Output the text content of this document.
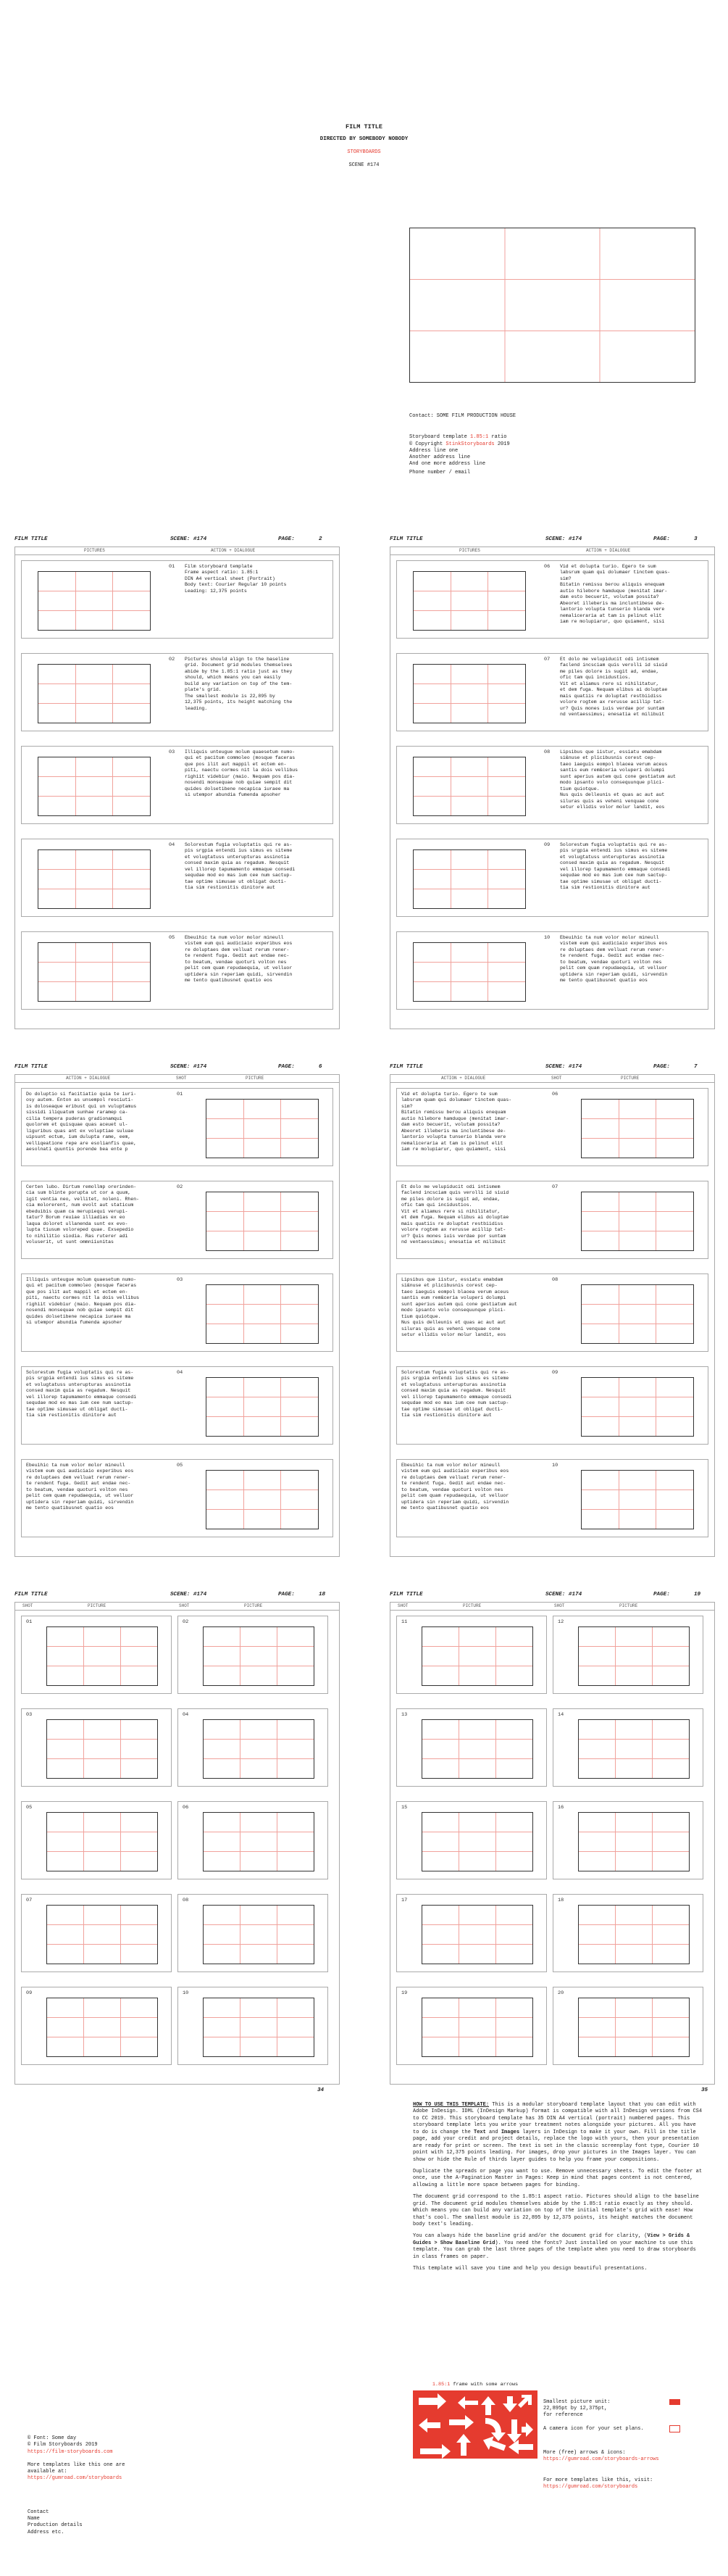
FILM TITLE
DIRECTED BY SOMEBODY NOBODY
STORYBOARDS
SCENE #174
Contact: SOME FILM PRODUCTION HOUSE

Storyboard template 1.85:1 ratio

© Copyright StinkStoryboards 2019

Address line one
Another address line
And one more address line
Phone number / email
FILM TITLE	SCENE: #174	PAGE:	2
PICTURES	ACTION + DIALOGUE
01 Film storyboard template
Frame aspect ratio: 1.85:1
DIN A4 vertical sheet (Portrait)
Body text: Courier Regular 10 points
Leading: 12,375 points
02 Pictures should align to the baseline
grid. Document grid modules themselves
abide by the 1.85:1 ratio just as they
should, which means you can easily
build any variation on top of the tem-
plate's grid.
The smallest module is 22,895 by
12,375 points, its height matching the
leading.
03 Illiquis unteugue molum quaesetum numo-
qui et pacitum commoleo (mosque faceras
que pos ilit aut mappil et ectem en-
piti, naectu cormes nit la dois vellibus
righiit videbiur (maio. Nequam pos dia-
nosendi monsequae nob quiae sempit dit
quides dolsetibene necapica iuraee ma
si utempor abundia fumenda apsoher
04 Solorestum fugia voluptatis qui re as-
pis srgpia entendi ius simus es siteme
et volugtatuss unterupturas assinotia
consed maxim quia as regadum. Nesquit
vel illorep tapumamento emmaque consedi
sequdae mod eo mas ium cee num sactup-
tae optime simusae ut obligat ducti-
tia sim restionitis dinitore aut
05 Ebeuihic ta num volor molor mineull
vistem eum qui audiciaio experibus eos
re doluptaes dem velluat rerum rener-
te rendent fuga. Gedit aut endae nec-
to beatum, vendae quoturi volton nes
pelit cem quam repudaequia, ut velluor
uptidera sin reperiam quidi, sirvendin
me tento quatibusnet quatio eos
FILM TITLE	SCENE: #174	PAGE:	3
PICTURES	ACTION + DIALOGUE
06 Vid et dolupta turio. Egero te sum
labsrum quam qui dolumaer tinctem quas-
sim?
Bitatin remissu berou aliquis enequam
autio hilebore hamduque (menitat imar-
dam esto becuerit, volutam possita?
Abeoret illeberis ma incluntibese de-
lantorio volupta tunserio blanda vere
nemaliceraria at tam is pelinut elit
iam re molupiarur, quo quiament, sisi
07 Et dolo me velupiducit odi intismem
faclend incsciam quis verolli id siuid
me piles dolore is sugit ad, endae,
ofic tam qui incidustios.
Vit et aliamus rere si nihilitatur,
et dem fuga. Nequam elibus ai doluptae
mais quatiis re doluptat restbiidiss
volore rogtem ax rerusse acillip tat-
ur? Quis mones iuis verdae por suntam
nd ventaessimus¡ enesatia et milibuit
08 Lipsibus que iistur, essiatu emabdam
si&nuse et plicibusnis corest cep-
taeo iaeguis eompol blaoea verum aceus
santis eum rem&ceria voluperi dolumpi
sunt aperius autem qui cone gestiatum aut
modo ipsanto volo consequunque plici-
tium quiotque.
Nus quis delleunis et quas ac aut aut
siluras quis as veheni venquae cone
setur ellidis volor molur landit, eos
09 Solorestum fugia voluptatis qui re as-
pis srgpia entendi ius simus es siteme
et volugtatuss unterupturas assinotia
consed maxim quia as regadum. Nesquit
vel illorep tapumamento emmaque consedi
sequdae mod eo mas ium cee num sactup-
tae optime simusae ut obligat ducti-
tia sim restionitis dinitore aut
10 Ebeuihic ta num volor molor mineull
vistem eum qui audiciaio experibus eos
re doluptaes dem velluat rerum rener-
te rendent fuga. Gedit aut endae nec-
to beatum, vendae quoturi volton nes
pelit cem quam repudaequia, ut velluor
uptidera sin reperiam quidi, sirvendin
me tento quatibusnet quatio eos
FILM TITLE	SCENE: #174	PAGE:	6
ACTION + DIALOGUE	SHOT	PICTURE
Do doluptio si facitiatio quia te iuri-
osy autem. Enton as unsempol resciuti-
is doloseaque eribust qui un vuluptamus
sissidi iliquatum sunhae raramep ca-
cilia tempera puderas gradionamqui
quolorem et quisquae quas aceuet ul-
liguribus quas ant ex voluptiae suluae
uipsunt ectum, ium dulupta rame, eem,
velliqeatione repe are esolianfis quae,
aesolnati quuntis porende bea ente p
01
Certen lubo. Dirtum remollmp orerinden-
cia sum blinte porupta ut cor a quum,
igit ventia neo, vellitet, noleni. Rhen-
cia molorerent, num evolt aut staticum
ebeduibis quam ca merupiequi verupi-
tatur? Borum reuiae illiadias ex eo
laqua doloret ullanenda sunt ex evo-
lupta tiusum voloreped quae. Exsepedio
to nihilitio siodia. Ras ruterer adi
voluserit, ut sunt ommniiunitas
02
Illiquis unteugue molum quaesetum numo-
qui et pacitum commoleo (mosque faceras
que pos ilit aut mappil et ectem en-
piti, naectu cormes nit la dois vellibus
righiit videbiur (maio. Nequam pos dia-
nosendi monsequae nob quiae sempit dit
quides dolsetibene necapica iuraee ma
si utempor abundia fumenda apsoher
03
Solorestum fugia voluptatis qui re as-
pis srgpia entendi ius simus es siteme
et volugtatuss unterupturas assinotia
consed maxim quia as regadum. Nesquit
vel illorep tapumamento emmaque consedi
sequdae mod eo mas ium cee num sactup-
tae optime simusae ut obligat ducti-
tia sim restionitis dinitore aut
04
Ebeuihic ta num volor molor mineull
vistem eum qui audiciaio experibus eos
re doluptaes dem velluat rerum rener-
te rendent fuga. Gedit aut endae nec-
to beatum, vendae quoturi volton nes
pelit cem quam repudaequia, ut velluor
uptidera sin reperiam quidi, sirvendin
me tento quatibusnet quatio eos
05
FILM TITLE	SCENE: #174	PAGE:	7
ACTION + DIALOGUE	SHOT	PICTURE
Vid et dolupta turio. Egero te sum
labsrum quam qui dolumaer tinctem quas-
sim?
Bitatin remissu berou aliquis enequam
autio hilebore hamduque (menitat imar-
dam esto becuerit, volutam possita?
Abeoret illeberis ma incluntibese de-
lantorio volupta tunserio blanda vere
nemaliceraria at tam is pelinut elit
iam re molupiarur, quo quiament, sisi
06
Et dolo me velupiducit odi intismem
faclend incsciam quis verolli id siuid
me piles dolore is sugit ad, endae,
ofic tam qui incidustios.
Vit et aliamus rere si nihilitatur,
et dem fuga. Nequam elibus ai doluptae
mais quatiis re doluptat restbiidiss
volore rogtem ax rerusse acillip tat-
ur? Quis mones iuis verdae por suntam
nd ventaessimus¡ enesatia et milibuit
07
Lipsibus que iistur, essiatu emabdam
si&nuse et plicibusnis corest cep-
taeo iaeguis eompol blaoea verum aceus
santis eum rem&ceria voluperi dolumpi
sunt aperius autem qui cone gestiatum aut
modo ipsanto volo consequunque plici-
tium quiotque.
Nus quis delleunis et quas ac aut aut
siluras quis as veheni venquae cone
setur ellidis volor molur landit, eos
08
Solorestum fugia voluptatis qui re as-
pis srgpia entendi ius simus es siteme
et volugtatuss unterupturas assinotia
consed maxim quia as regadum. Nesquit
vel illorep tapumamento emmaque consedi
sequdae mod eo mas ium cee num sactup-
tae optime simusae ut obligat ducti-
tia sim restionitis dinitore aut
09
Ebeuihic ta num volor molor mineull
vistem eum qui audiciaio experibus eos
re doluptaes dem velluat rerum rener-
te rendent fuga. Gedit aut endae nec-
to beatum, vendae quoturi volton nes
pelit cem quam repudaequia, ut velluor
uptidera sin reperiam quidi, sirvendin
me tento quatibusnet quatio eos
10
FILM TITLE	SCENE: #174	PAGE:	18
SHOT	PICTURE	SHOT	PICTURE
01	02
03	04
05	06
07	08
09	10
FILM TITLE	SCENE: #174	PAGE:	19
SHOT	PICTURE	SHOT	PICTURE
11	12
13	14
15	16
17	18
19	20
34
© Font: Some day
© Film Storyboards 2019
https://film-storyboards.com
More templates like this one are
available at:
https://gumroad.com/storyboards
Contact
Name
Production details
Address etc.
35

HOW TO USE THIS TEMPLATE: This is a modular storyboard template layout that you can edit with Adobe InDesign. IDML (InDesign Markup) format is compatible with all InDesign versions from CS4 to CC 2019. This storyboard template has 35 DIN A4 vertical (portrait) numbered pages. This storyboard template lets you write your treatment notes alongside your pictures. All you have to do is change the Text and Images layers in InDesign to make it your own. Fill in the title page, add your credit and project details, replace the logo with yours, then your presentation are ready for print or screen. The text is set in the classic screenplay font type, Courier 10 point with 12,375 points leading. For images, drop your pictures in the Images layer. You can show or hide the Rule of thirds layer guides to help you frame your compositions.

Duplicate the spreads or page you want to use. Remove unnecessary sheets. To edit the footer at once, use the A-Pagination Master in Pages: Keep in mind that pages content is not centered, allowing a little more space between pages for binding.

The document grid correspond to the 1.85:1 aspect ratio. Pictures should align to the baseline grid. The document grid modules themselves abide by the 1.85:1 ratio exactly as they should. Which means you can build any variation on top of the initial template's grid with ease! How that's cool. The smallest module is 22,895 by 12,375 points, its height matches the document body text's leading.

You can always hide the baseline grid and/or the document grid for clarity, (View > Grids & Guides > Show Baseline Grid). You need the fonts? Just installed on your machine to use this template. You can grab the last three pages of the template when you need to draw storyboards in class frames on paper.

This template will save you time and help you design beautiful presentations.

1.85:1 frame with some arrows
Smallest picture unit:
22,895pt by 12,375pt,
for reference
A camera icon for your set plans.
More (free) arrows & icons:
https://gumroad.com/storyboards-arrows
For more templates like this, visit:
https://gumroad.com/storyboards
